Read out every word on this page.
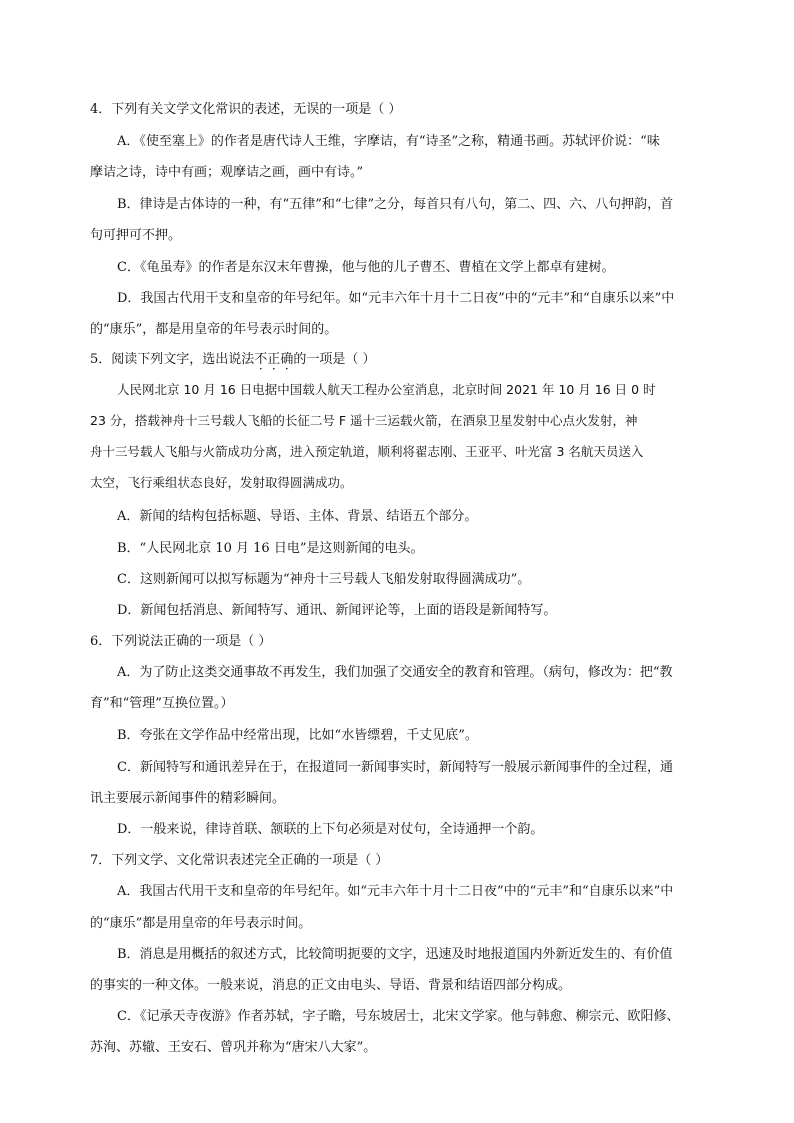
4．下列有关文学文化常识的表述，无误的一项是（ ）

A．《使至塞上》的作者是唐代诗人王维，字摩诘，有“诗圣”之称，精通书画。苏轼评价说：“味

摩诘之诗，诗中有画；观摩诘之画，画中有诗。”

B．律诗是古体诗的一种，有“五律”和“七律”之分，每首只有八句，第二、四、六、八句押韵，首

句可押可不押。

C．《龟虽寿》的作者是东汉末年曹操，他与他的儿子曹丕、曹植在文学上都卓有建树。

D．我国古代用干支和皇帝的年号纪年。如“元丰六年十月十二日夜”中的“元丰”和“自康乐以来”中

的“康乐”，都是用皇帝的年号表示时间的。

5．阅读下列文字，选出说法不正确的一项是（ ）

人民网北京 10 月 16 日电据中国载人航天工程办公室消息，北京时间 2021 年 10 月 16 日 0 时

23 分，搭载神舟十三号载人飞船的长征二号 F 遥十三运载火箭，在酒泉卫星发射中心点火发射，神

舟十三号载人飞船与火箭成功分离，进入预定轨道，顺利将翟志刚、王亚平、叶光富 3 名航天员送入

太空，飞行乘组状态良好，发射取得圆满成功。

A．新闻的结构包括标题、导语、主体、背景、结语五个部分。

B．“人民网北京 10 月 16 日电”是这则新闻的电头。

C．这则新闻可以拟写标题为“神舟十三号载人飞船发射取得圆满成功”。

D．新闻包括消息、新闻特写、通讯、新闻评论等，上面的语段是新闻特写。

6．下列说法正确的一项是（ ）

A．为了防止这类交通事故不再发生，我们加强了交通安全的教育和管理。（病句，修改为：把“教

育”和“管理”互换位置。）

B．夸张在文学作品中经常出现，比如“水皆缥碧，千丈见底”。

C．新闻特写和通讯差异在于，在报道同一新闻事实时，新闻特写一般展示新闻事件的全过程，通

讯主要展示新闻事件的精彩瞬间。

D．一般来说，律诗首联、颔联的上下句必须是对仗句，全诗通押一个韵。

7．下列文学、文化常识表述完全正确的一项是（ ）

A．我国古代用干支和皇帝的年号纪年。如“元丰六年十月十二日夜”中的“元丰”和“自康乐以来”中

的“康乐”都是用皇帝的年号表示时间。

B．消息是用概括的叙述方式，比较简明扼要的文字，迅速及时地报道国内外新近发生的、有价值

的事实的一种文体。一般来说，消息的正文由电头、导语、背景和结语四部分构成。

C．《记承天寺夜游》作者苏轼，字子瞻，号东坡居士，北宋文学家。他与韩愈、柳宗元、欧阳修、

苏洵、苏辙、王安石、曾巩并称为“唐宋八大家”。
